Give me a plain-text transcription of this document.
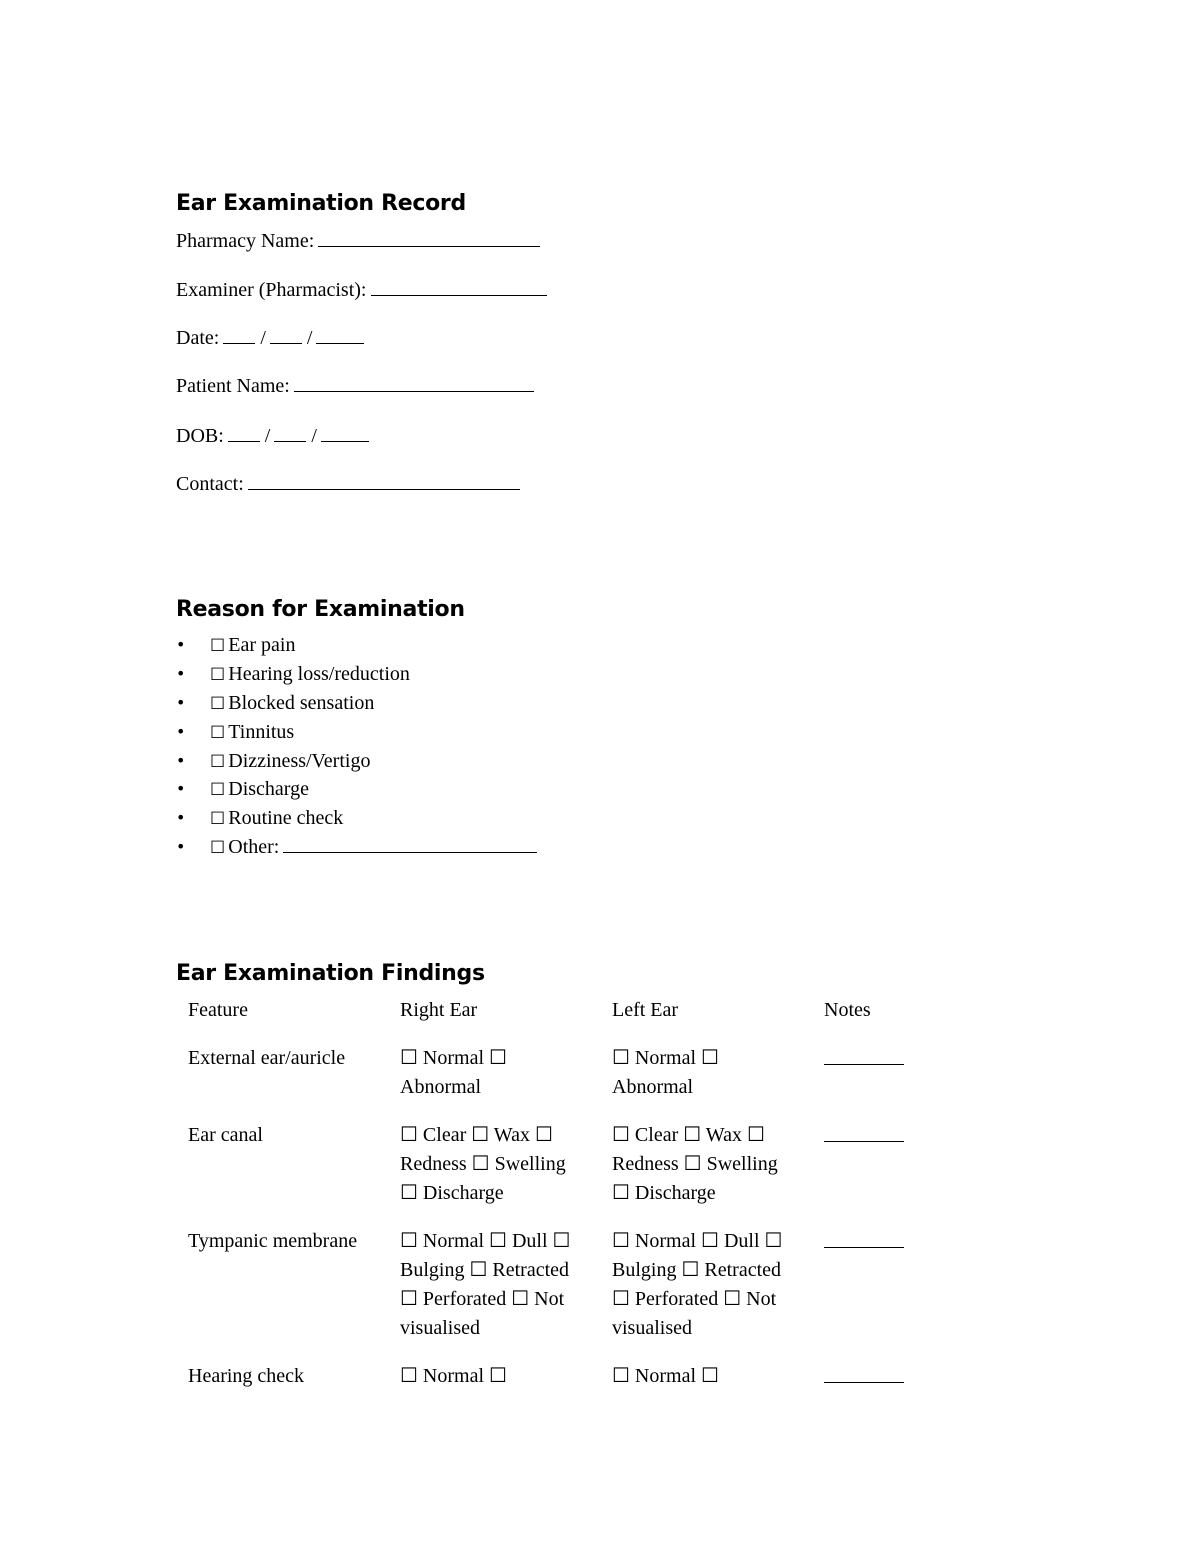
Ear Examination Record
Pharmacy Name:
Examiner (Pharmacist):
Date: / /
Patient Name:
DOB: / /
Contact:
Reason for Examination
• ☐ Ear pain
• ☐ Hearing loss/reduction
• ☐ Blocked sensation
• ☐ Tinnitus
• ☐ Dizziness/Vertigo
• ☐ Discharge
• ☐ Routine check
• ☐ Other:
Ear Examination Findings
Feature	Right Ear	Left Ear	Notes
External ear/auricle	☐ Normal ☐ Abnormal	☐ Normal ☐ Abnormal	
Ear canal	☐ Clear ☐ Wax ☐ Redness ☐ Swelling ☐ Discharge	☐ Clear ☐ Wax ☐ Redness ☐ Swelling ☐ Discharge	
Tympanic membrane	☐ Normal ☐ Dull ☐ Bulging ☐ Retracted ☐ Perforated ☐ Not visualised	☐ Normal ☐ Dull ☐ Bulging ☐ Retracted ☐ Perforated ☐ Not visualised	
Hearing check	☐ Normal ☐	☐ Normal ☐	
